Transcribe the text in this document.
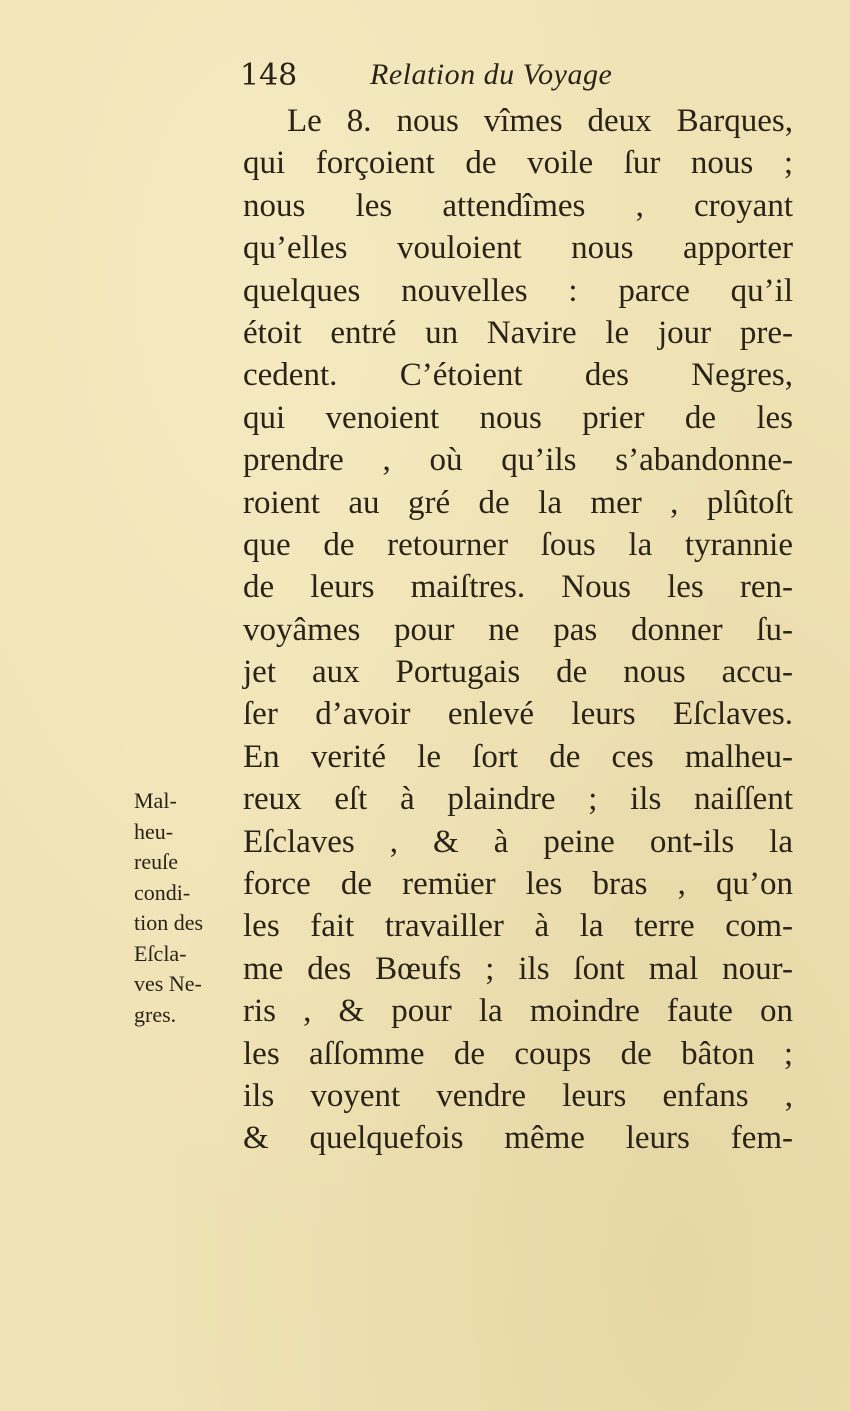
148 Relation du Voyage
Le 8. nous vîmes deux Barques,
qui forçoient de voile ſur nous ;
nous les attendîmes , croyant
qu’elles vouloient nous apporter
quelques nouvelles : parce qu’il
étoit entré un Navire le jour pre-
cedent. C’étoient des Negres,
qui venoient nous prier de les
prendre , où qu’ils s’abandonne-
roient au gré de la mer , plûtoſt
que de retourner ſous la tyrannie
de leurs maiſtres. Nous les ren-
voyâmes pour ne pas donner ſu-
jet aux Portugais de nous accu-
ſer d’avoir enlevé leurs Eſclaves.
En verité le ſort de ces malheu-
reux eſt à plaindre ; ils naiſſent
Eſclaves , & à peine ont-ils la
force de remüer les bras , qu’on
les fait travailler à la terre com-
me des Bœufs ; ils ſont mal nour-
ris , & pour la moindre faute on
les aſſomme de coups de bâton ;
ils voyent vendre leurs enfans ,
& quelquefois même leurs fem-
Mal-
heu-
reuſe
condi-
tion des
Eſcla-
ves Ne-
gres.
